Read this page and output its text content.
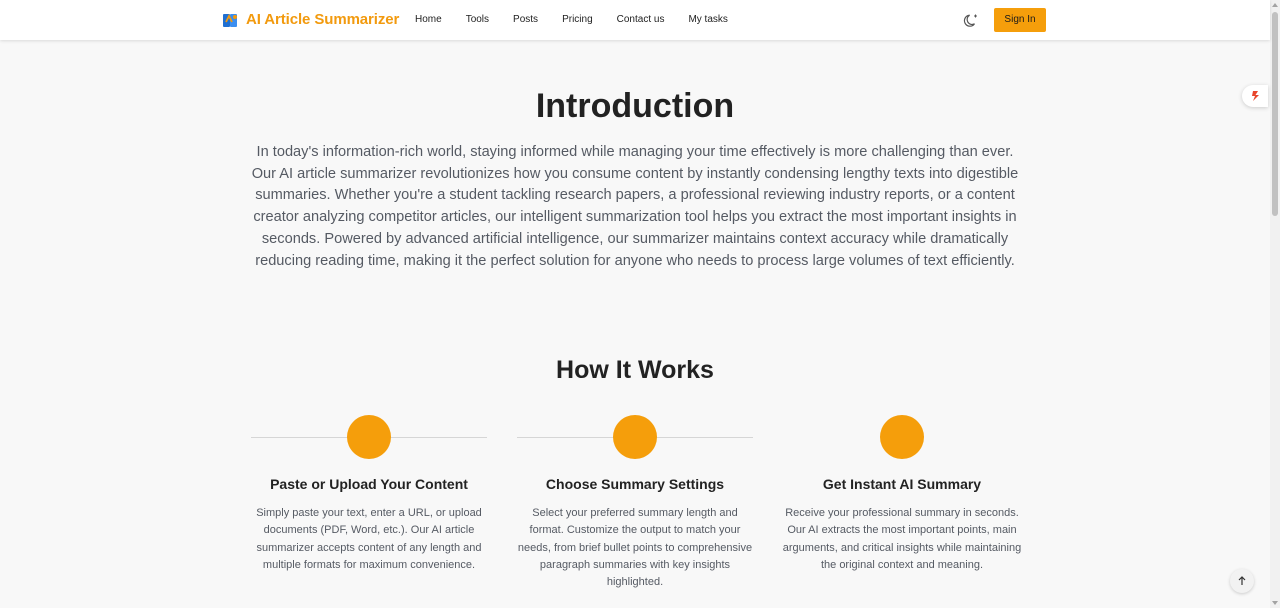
AI Article Summarizer Home Tools Posts Pricing Contact us My tasks	Sign In
Introduction

In today's information-rich world, staying informed while managing your time effectively is more challenging than ever. Our AI article summarizer revolutionizes how you consume content by instantly condensing lengthy texts into digestible summaries. Whether you're a student tackling research papers, a professional reviewing industry reports, or a content creator analyzing competitor articles, our intelligent summarization tool helps you extract the most important insights in seconds. Powered by advanced artificial intelligence, our summarizer maintains context accuracy while dramatically reducing reading time, making it the perfect solution for anyone who needs to process large volumes of text efficiently.

How It Works
Paste or Upload Your Content

Simply paste your text, enter a URL, or upload documents (PDF, Word, etc.). Our AI article summarizer accepts content of any length and multiple formats for maximum convenience.

Choose Summary Settings

Select your preferred summary length and format. Customize the output to match your needs, from brief bullet points to comprehensive paragraph summaries with key insights highlighted.

Get Instant AI Summary

Receive your professional summary in seconds. Our AI extracts the most important points, main arguments, and critical insights while maintaining the original context and meaning.
